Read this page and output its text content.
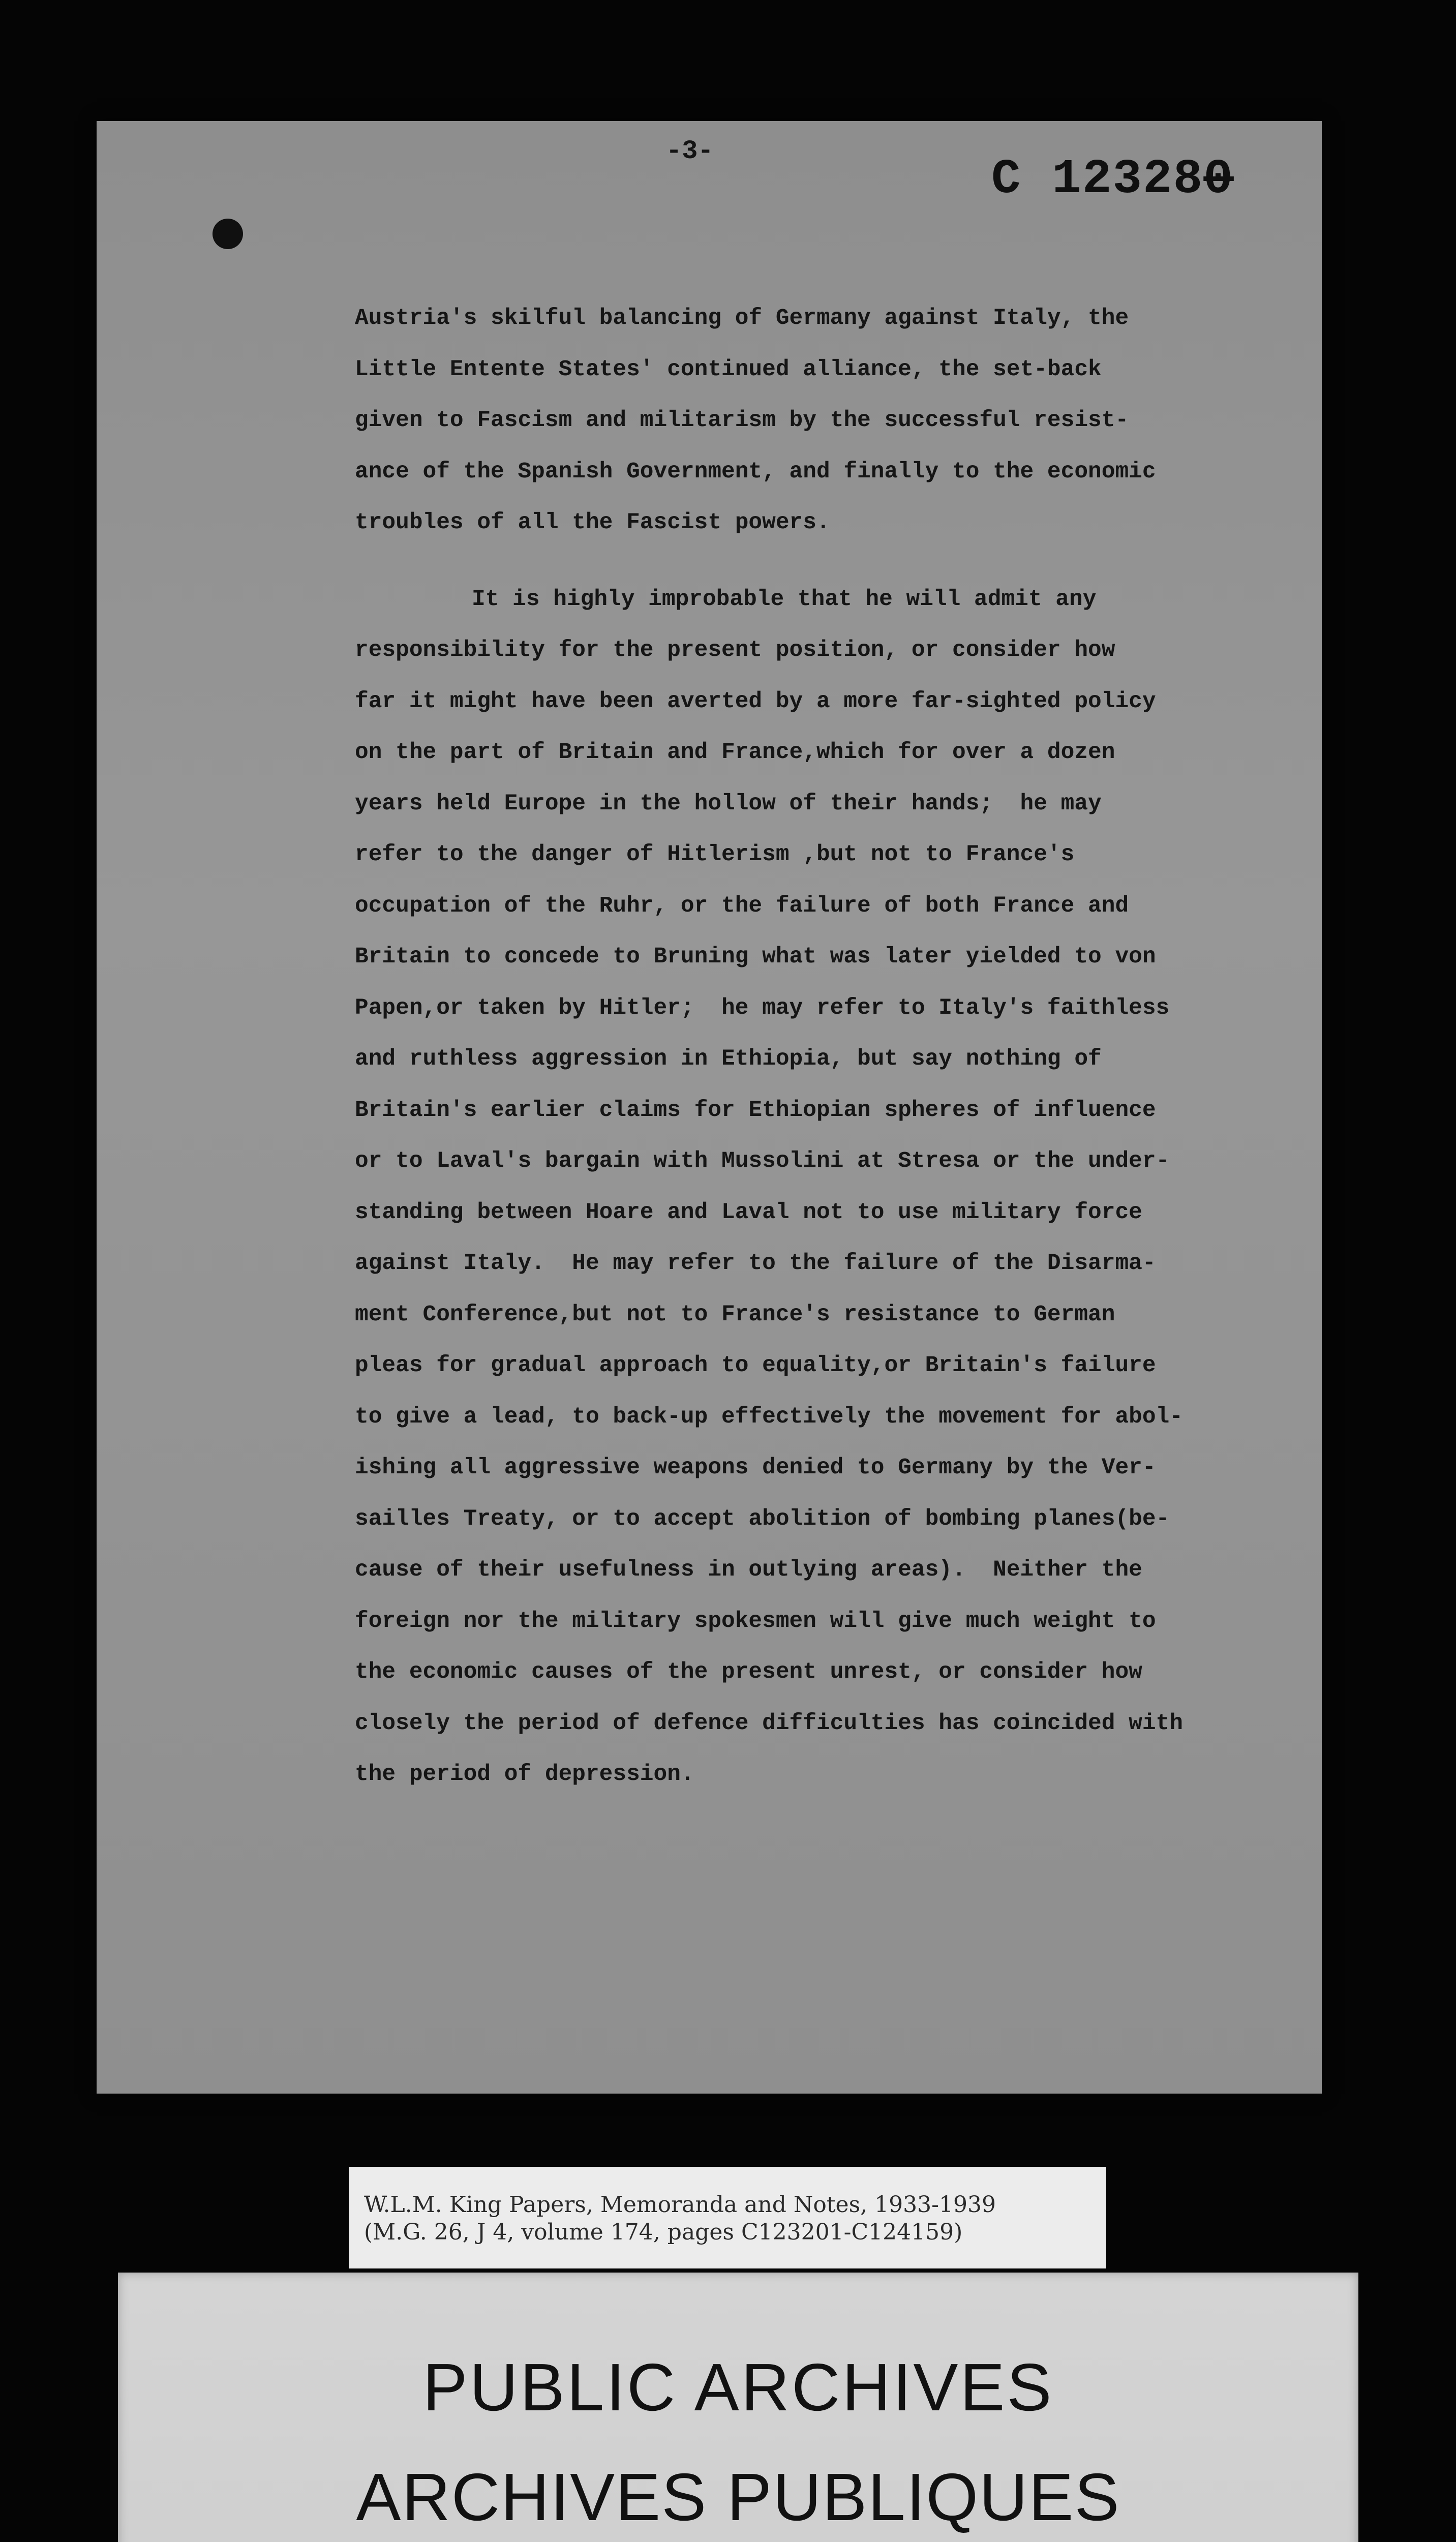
-3-
C 123280
Austria's skilful balancing of Germany against Italy, the
Little Entente States' continued alliance, the set-back
given to Fascism and militarism by the successful resist-
ance of the Spanish Government, and finally to the economic
troubles of all the Fascist powers.
It is highly improbable that he will admit any
responsibility for the present position, or consider how
far it might have been averted by a more far-sighted policy
on the part of Britain and France,which for over a dozen
years held Europe in the hollow of their hands;  he may
refer to the danger of Hitlerism ,but not to France's
occupation of the Ruhr, or the failure of both France and
Britain to concede to Bruning what was later yielded to von
Papen,or taken by Hitler;  he may refer to Italy's faithless
and ruthless aggression in Ethiopia, but say nothing of
Britain's earlier claims for Ethiopian spheres of influence
or to Laval's bargain with Mussolini at Stresa or the under-
standing between Hoare and Laval not to use military force
against Italy.  He may refer to the failure of the Disarma-
ment Conference,but not to France's resistance to German
pleas for gradual approach to equality,or Britain's failure
to give a lead, to back-up effectively the movement for abol-
ishing all aggressive weapons denied to Germany by the Ver-
sailles Treaty, or to accept abolition of bombing planes(be-
cause of their usefulness in outlying areas).  Neither the
foreign nor the military spokesmen will give much weight to
the economic causes of the present unrest, or consider how
closely the period of defence difficulties has coincided with
the period of depression.
W.L.M. King Papers, Memoranda and Notes, 1933-1939
(M.G. 26, J 4, volume 174, pages C123201-C124159)
PUBLIC ARCHIVES
ARCHIVES PUBLIQUES
